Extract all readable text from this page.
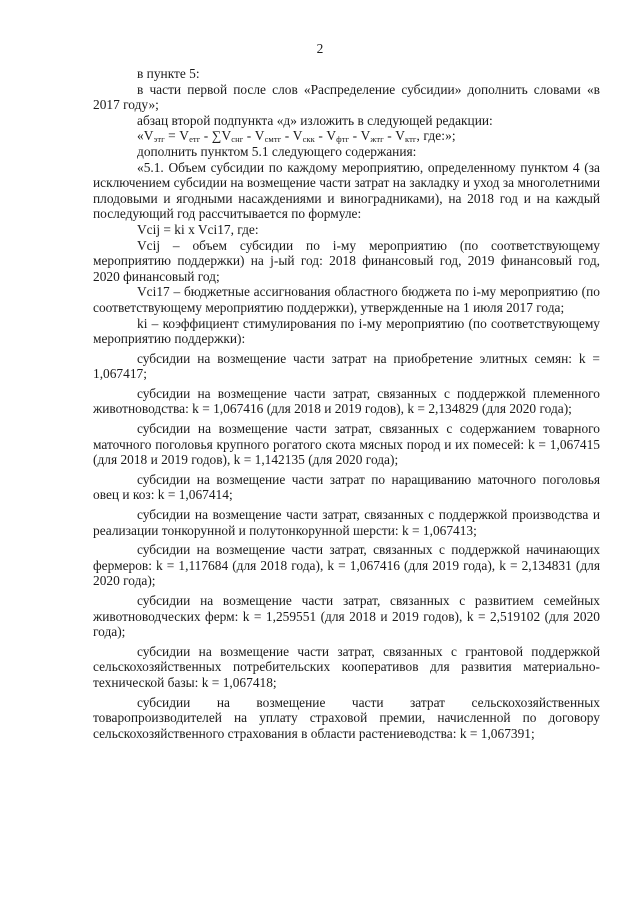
2

в пункте 5:

в части первой после слов «Распределение субсидии» дополнить словами «в 2017 году»;

абзац второй подпункта «д» изложить в следующей редакции:

«$V_{этг} = V_{етг} - \sum V_{снг} - V_{смтг} - V_{скк} - V_{фтг} - V_{жтг} - V_{ктг}$, где:»;

дополнить пунктом 5.1 следующего содержания:

«5.1. Объем субсидии по каждому мероприятию, определенному пунктом 4 (за исключением субсидии на возмещение части затрат на закладку и уход за многолетними плодовыми и ягодными насаждениями и виноградниками), на 2018 год и на каждый последующий год рассчитывается по формуле:

Vcij = ki x Vci17, где:

Vcij – объем субсидии по i-му мероприятию (по соответствующему мероприятию поддержки) на j-ый год: 2018 финансовый год, 2019 финансовый год, 2020 финансовый год;

Vci17 – бюджетные ассигнования областного бюджета по i-му мероприятию (по соответствующему мероприятию поддержки), утвержденные на 1 июля 2017 года;

ki – коэффициент стимулирования по i-му мероприятию (по соответствующему мероприятию поддержки):

субсидии на возмещение части затрат на приобретение элитных семян: k = 1,067417;

субсидии на возмещение части затрат, связанных с поддержкой племенного животноводства: k = 1,067416 (для 2018 и 2019 годов), k = 2,134829 (для 2020 года);

субсидии на возмещение части затрат, связанных с содержанием товарного маточного поголовья крупного рогатого скота мясных пород и их помесей: k = 1,067415 (для 2018 и 2019 годов), k = 1,142135 (для 2020 года);

субсидии на возмещение части затрат по наращиванию маточного поголовья овец и коз: k = 1,067414;

субсидии на возмещение части затрат, связанных с поддержкой производства и реализации тонкорунной и полутонкорунной шерсти: k = 1,067413;

субсидии на возмещение части затрат, связанных с поддержкой начинающих фермеров: k = 1,117684 (для 2018 года), k = 1,067416 (для 2019 года), k = 2,134831 (для 2020 года);

субсидии на возмещение части затрат, связанных с развитием семейных животноводческих ферм: k = 1,259551 (для 2018 и 2019 годов), k = 2,519102 (для 2020 года);

субсидии на возмещение части затрат, связанных с грантовой поддержкой сельскохозяйственных потребительских кооперативов для развития материально-технической базы: k = 1,067418;

субсидии на возмещение части затрат сельскохозяйственных товаропроизводителей на уплату страховой премии, начисленной по договору сельскохозяйственного страхования в области растениеводства: k = 1,067391;
